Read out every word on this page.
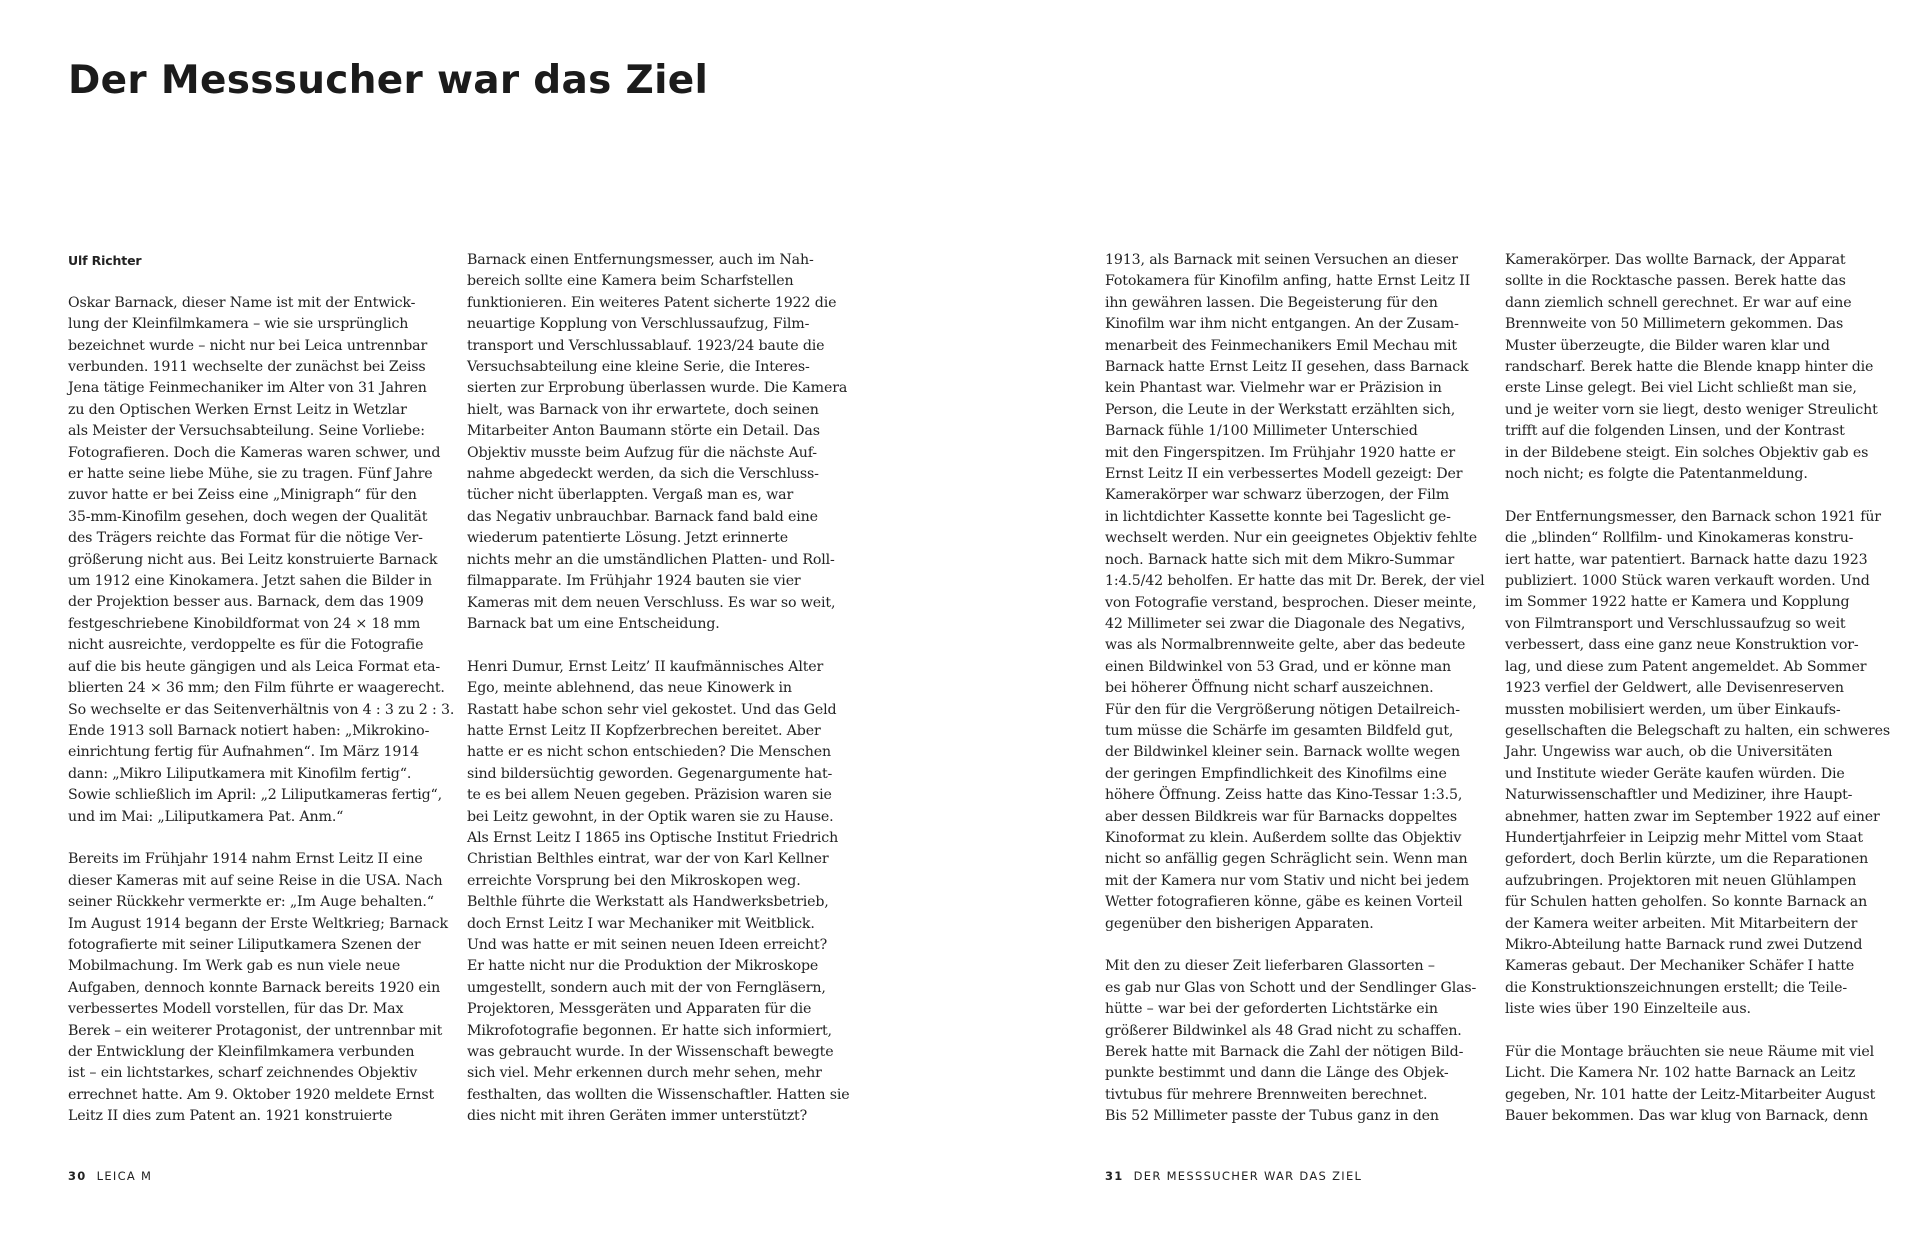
Der Messsucher war das Ziel
Ulf Richter

Oskar Barnack, dieser Name ist mit der Entwick-
lung der Kleinfilmkamera – wie sie ursprünglich
bezeichnet wurde – nicht nur bei Leica untrennbar
verbunden. 1911 wechselte der zunächst bei Zeiss
Jena tätige Feinmechaniker im Alter von 31 Jahren
zu den Optischen Werken Ernst Leitz in Wetzlar
als Meister der Versuchsabteilung. Seine Vorliebe:
Fotografieren. Doch die Kameras waren schwer, und
er hatte seine liebe Mühe, sie zu tragen. Fünf Jahre
zuvor hatte er bei Zeiss eine „Minigraph“ für den
35-mm-Kinofilm gesehen, doch wegen der Qualität
des Trägers reichte das Format für die nötige Ver-
größerung nicht aus. Bei Leitz konstruierte Barnack
um 1912 eine Kinokamera. Jetzt sahen die Bilder in
der Projektion besser aus. Barnack, dem das 1909
festgeschriebene Kinobildformat von 24 × 18 mm
nicht ausreichte, verdoppelte es für die Fotografie
auf die bis heute gängigen und als Leica Format eta-
blierten 24 × 36 mm; den Film führte er waagerecht.
So wechselte er das Seitenverhältnis von 4 : 3 zu 2 : 3.
Ende 1913 soll Barnack notiert haben: „Mikrokino-
einrichtung fertig für Aufnahmen“. Im März 1914
dann: „Mikro Liliputkamera mit Kinofilm fertig“.
Sowie schließlich im April: „2 Liliputkameras fertig“,
und im Mai: „Liliputkamera Pat. Anm.“

Bereits im Frühjahr 1914 nahm Ernst Leitz II eine
dieser Kameras mit auf seine Reise in die USA. Nach
seiner Rückkehr vermerkte er: „Im Auge behalten.“
Im August 1914 begann der Erste Weltkrieg; Barnack
fotografierte mit seiner Liliputkamera Szenen der
Mobilmachung. Im Werk gab es nun viele neue
Aufgaben, dennoch konnte Barnack bereits 1920 ein
verbessertes Modell vorstellen, für das Dr. Max
Berek – ein weiterer Protagonist, der untrennbar mit
der Entwicklung der Kleinfilmkamera verbunden
ist – ein lichtstarkes, scharf zeichnendes Objektiv
errechnet hatte. Am 9. Oktober 1920 meldete Ernst
Leitz II dies zum Patent an. 1921 konstruierte

Barnack einen Entfernungsmesser, auch im Nah-
bereich sollte eine Kamera beim Scharfstellen
funktionieren. Ein weiteres Patent sicherte 1922 die
neuartige Kopplung von Verschlussaufzug, Film-
transport und Verschlussablauf. 1923/24 baute die
Versuchsabteilung eine kleine Serie, die Interes-
sierten zur Erprobung überlassen wurde. Die Kamera
hielt, was Barnack von ihr erwartete, doch seinen
Mitarbeiter Anton Baumann störte ein Detail. Das
Objektiv musste beim Aufzug für die nächste Auf-
nahme abgedeckt werden, da sich die Verschluss-
tücher nicht überlappten. Vergaß man es, war
das Negativ unbrauchbar. Barnack fand bald eine
wiederum patentierte Lösung. Jetzt erinnerte
nichts mehr an die umständlichen Platten- und Roll-
filmapparate. Im Frühjahr 1924 bauten sie vier
Kameras mit dem neuen Verschluss. Es war so weit,
Barnack bat um eine Entscheidung.

Henri Dumur, Ernst Leitz’ II kaufmännisches Alter
Ego, meinte ablehnend, das neue Kinowerk in
Rastatt habe schon sehr viel gekostet. Und das Geld
hatte Ernst Leitz II Kopfzerbrechen bereitet. Aber
hatte er es nicht schon entschieden? Die Menschen
sind bildersüchtig geworden. Gegenargumente hat-
te es bei allem Neuen gegeben. Präzision waren sie
bei Leitz gewohnt, in der Optik waren sie zu Hause.
Als Ernst Leitz I 1865 ins Optische Institut Friedrich
Christian Belthles eintrat, war der von Karl Kellner
erreichte Vorsprung bei den Mikroskopen weg.
Belthle führte die Werkstatt als Handwerksbetrieb,
doch Ernst Leitz I war Mechaniker mit Weitblick.
Und was hatte er mit seinen neuen Ideen erreicht?
Er hatte nicht nur die Produktion der Mikroskope
umgestellt, sondern auch mit der von Ferngläsern,
Projektoren, Messgeräten und Apparaten für die
Mikrofotografie begonnen. Er hatte sich informiert,
was gebraucht wurde. In der Wissenschaft bewegte
sich viel. Mehr erkennen durch mehr sehen, mehr
festhalten, das wollten die Wissenschaftler. Hatten sie
dies nicht mit ihren Geräten immer unterstützt?

1913, als Barnack mit seinen Versuchen an dieser
Fotokamera für Kinofilm anfing, hatte Ernst Leitz II
ihn gewähren lassen. Die Begeisterung für den
Kinofilm war ihm nicht entgangen. An der Zusam-
menarbeit des Feinmechanikers Emil Mechau mit
Barnack hatte Ernst Leitz II gesehen, dass Barnack
kein Phantast war. Vielmehr war er Präzision in
Person, die Leute in der Werkstatt erzählten sich,
Barnack fühle 1/100 Millimeter Unterschied
mit den Fingerspitzen. Im Frühjahr 1920 hatte er
Ernst Leitz II ein verbessertes Modell gezeigt: Der
Kamerakörper war schwarz überzogen, der Film
in lichtdichter Kassette konnte bei Tageslicht ge-
wechselt werden. Nur ein geeignetes Objektiv fehlte
noch. Barnack hatte sich mit dem Mikro-Summar
1:4.5/42 beholfen. Er hatte das mit Dr. Berek, der viel
von Fotografie verstand, besprochen. Dieser meinte,
42 Millimeter sei zwar die Diagonale des Negativs,
was als Normalbrennweite gelte, aber das bedeute
einen Bildwinkel von 53 Grad, und er könne man
bei höherer Öffnung nicht scharf auszeichnen.
Für den für die Vergrößerung nötigen Detailreich-
tum müsse die Schärfe im gesamten Bildfeld gut,
der Bildwinkel kleiner sein. Barnack wollte wegen
der geringen Empfindlichkeit des Kinofilms eine
höhere Öffnung. Zeiss hatte das Kino-Tessar 1:3.5,
aber dessen Bildkreis war für Barnacks doppeltes
Kinoformat zu klein. Außerdem sollte das Objektiv
nicht so anfällig gegen Schräglicht sein. Wenn man
mit der Kamera nur vom Stativ und nicht bei jedem
Wetter fotografieren könne, gäbe es keinen Vorteil
gegenüber den bisherigen Apparaten.

Mit den zu dieser Zeit lieferbaren Glassorten –
es gab nur Glas von Schott und der Sendlinger Glas-
hütte – war bei der geforderten Lichtstärke ein
größerer Bildwinkel als 48 Grad nicht zu schaffen.
Berek hatte mit Barnack die Zahl der nötigen Bild-
punkte bestimmt und dann die Länge des Objek-
tivtubus für mehrere Brennweiten berechnet.
Bis 52 Millimeter passte der Tubus ganz in den

Kamerakörper. Das wollte Barnack, der Apparat
sollte in die Rocktasche passen. Berek hatte das
dann ziemlich schnell gerechnet. Er war auf eine
Brennweite von 50 Millimetern gekommen. Das
Muster überzeugte, die Bilder waren klar und
randscharf. Berek hatte die Blende knapp hinter die
erste Linse gelegt. Bei viel Licht schließt man sie,
und je weiter vorn sie liegt, desto weniger Streulicht
trifft auf die folgenden Linsen, und der Kontrast
in der Bildebene steigt. Ein solches Objektiv gab es
noch nicht; es folgte die Patentanmeldung.

Der Entfernungsmesser, den Barnack schon 1921 für
die „blinden“ Rollfilm- und Kinokameras konstru-
iert hatte, war patentiert. Barnack hatte dazu 1923
publiziert. 1000 Stück waren verkauft worden. Und
im Sommer 1922 hatte er Kamera und Kopplung
von Filmtransport und Verschlussaufzug so weit
verbessert, dass eine ganz neue Konstruktion vor-
lag, und diese zum Patent angemeldet. Ab Sommer
1923 verfiel der Geldwert, alle Devisenreserven
mussten mobilisiert werden, um über Einkaufs-
gesellschaften die Belegschaft zu halten, ein schweres
Jahr. Ungewiss war auch, ob die Universitäten
und Institute wieder Geräte kaufen würden. Die
Naturwissenschaftler und Mediziner, ihre Haupt-
abnehmer, hatten zwar im September 1922 auf einer
Hundertjahrfeier in Leipzig mehr Mittel vom Staat
gefordert, doch Berlin kürzte, um die Reparationen
aufzubringen. Projektoren mit neuen Glühlampen
für Schulen hatten geholfen. So konnte Barnack an
der Kamera weiter arbeiten. Mit Mitarbeitern der
Mikro-Abteilung hatte Barnack rund zwei Dutzend
Kameras gebaut. Der Mechaniker Schäfer I hatte
die Konstruktionszeichnungen erstellt; die Teile-
liste wies über 190 Einzelteile aus.

Für die Montage bräuchten sie neue Räume mit viel
Licht. Die Kamera Nr. 102 hatte Barnack an Leitz
gegeben, Nr. 101 hatte der Leitz-Mitarbeiter August
Bauer bekommen. Das war klug von Barnack, denn

30 LEICA M	31 DER MESSSUCHER WAR DAS ZIEL
